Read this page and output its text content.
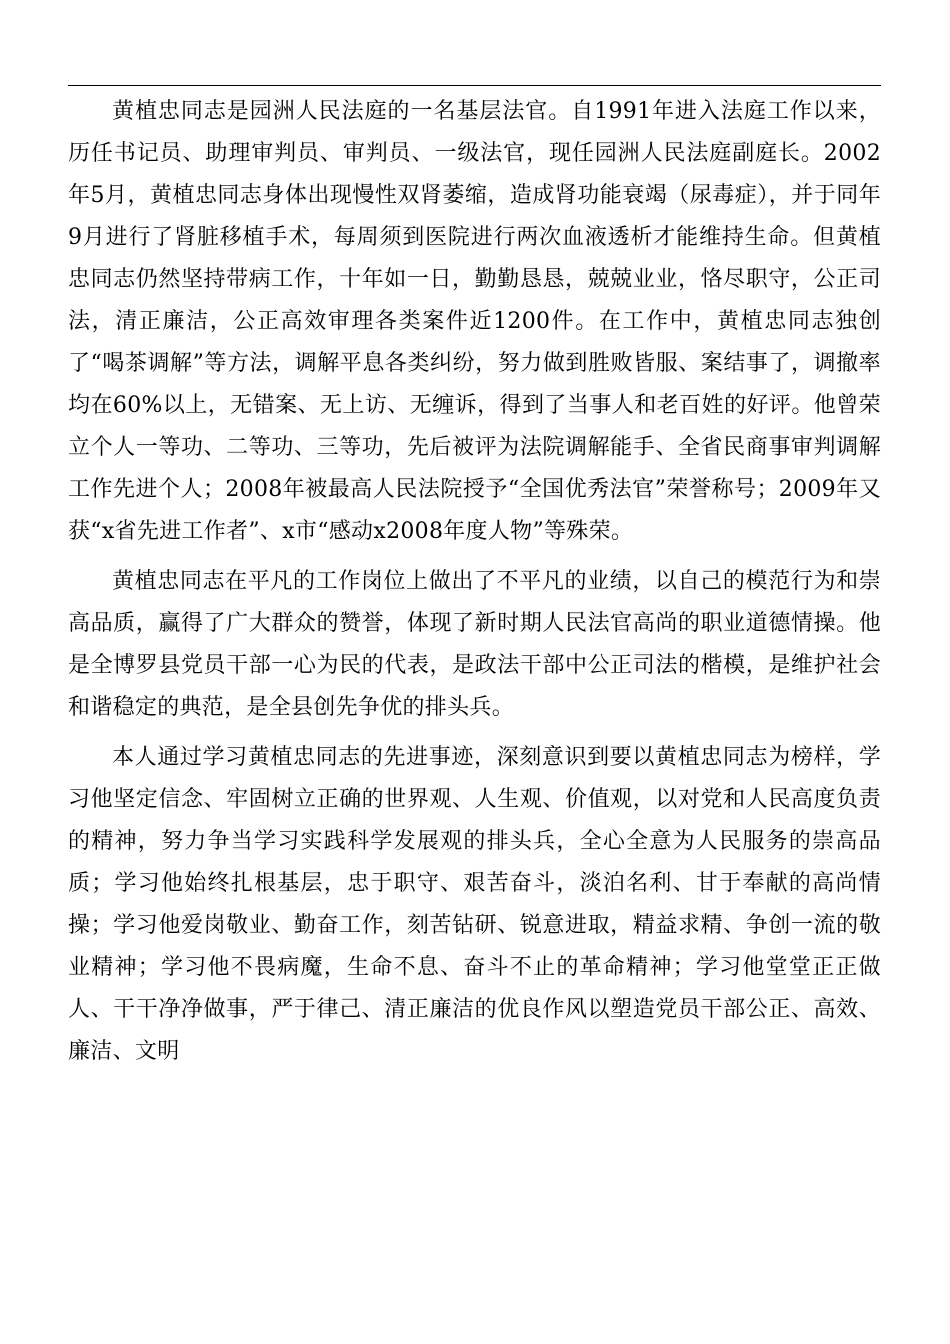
黄植忠同志是园洲人民法庭的一名基层法官。自1991年进入法庭工作以来，历任书记员、助理审判员、审判员、一级法官，现任园洲人民法庭副庭长。2002年5月，黄植忠同志身体出现慢性双肾萎缩，造成肾功能衰竭（尿毒症），并于同年9月进行了肾脏移植手术，每周须到医院进行两次血液透析才能维持生命。但黄植忠同志仍然坚持带病工作，十年如一日，勤勤恳恳，兢兢业业，恪尽职守，公正司法，清正廉洁，公正高效审理各类案件近1200件。在工作中，黄植忠同志独创了“喝茶调解”等方法，调解平息各类纠纷，努力做到胜败皆服、案结事了，调撤率均在60%以上，无错案、无上访、无缠诉，得到了当事人和老百姓的好评。他曾荣立个人一等功、二等功、三等功，先后被评为法院调解能手、全省民商事审判调解工作先进个人；2008年被最高人民法院授予“全国优秀法官”荣誉称号；2009年又获“x省先进工作者”、x市“感动x2008年度人物”等殊荣。

黄植忠同志在平凡的工作岗位上做出了不平凡的业绩，以自己的模范行为和崇高品质，赢得了广大群众的赞誉，体现了新时期人民法官高尚的职业道德情操。他是全博罗县党员干部一心为民的代表，是政法干部中公正司法的楷模，是维护社会和谐稳定的典范，是全县创先争优的排头兵。

本人通过学习黄植忠同志的先进事迹，深刻意识到要以黄植忠同志为榜样，学习他坚定信念、牢固树立正确的世界观、人生观、价值观，以对党和人民高度负责的精神，努力争当学习实践科学发展观的排头兵，全心全意为人民服务的崇高品质；学习他始终扎根基层，忠于职守、艰苦奋斗，淡泊名利、甘于奉献的高尚情操；学习他爱岗敬业、勤奋工作，刻苦钻研、锐意进取，精益求精、争创一流的敬业精神；学习他不畏病魔，生命不息、奋斗不止的革命精神；学习他堂堂正正做人、干干净净做事，严于律己、清正廉洁的优良作风以塑造党员干部公正、高效、廉洁、文明
